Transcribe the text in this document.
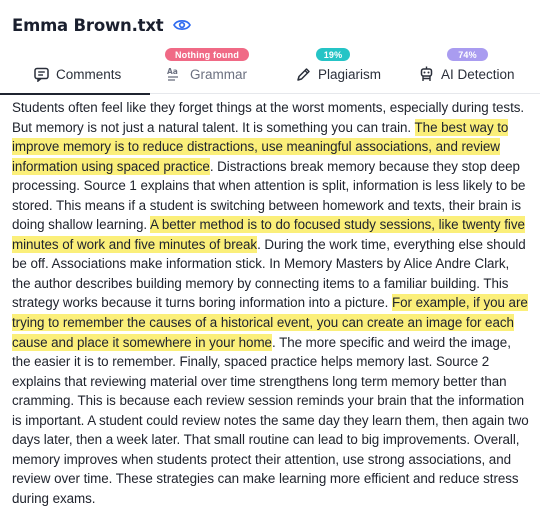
Emma Brown.txt
Comments
Nothing found
Aa Grammar
19%
Plagiarism
74%
AI Detection
Students often feel like they forget things at the worst moments, especially during tests. But memory is not just a natural talent. It is something you can train. The best way to improve memory is to reduce distractions, use meaningful associations, and review information using spaced practice. Distractions break memory because they stop deep processing. Source 1 explains that when attention is split, information is less likely to be stored. This means if a student is switching between homework and texts, their brain is doing shallow learning. A better method is to do focused study sessions, like twenty five minutes of work and five minutes of break. During the work time, everything else should be off. Associations make information stick. In Memory Masters by Alice Andre Clark, the author describes building memory by connecting items to a familiar building. This strategy works because it turns boring information into a picture. For example, if you are trying to remember the causes of a historical event, you can create an image for each cause and place it somewhere in your home. The more specific and weird the image, the easier it is to remember. Finally, spaced practice helps memory last. Source 2 explains that reviewing material over time strengthens long term memory better than cramming. This is because each review session reminds your brain that the information is important. A student could review notes the same day they learn them, then again two days later, then a week later. That small routine can lead to big improvements. Overall, memory improves when students protect their attention, use strong associations, and review over time. These strategies can make learning more efficient and reduce stress during exams.
